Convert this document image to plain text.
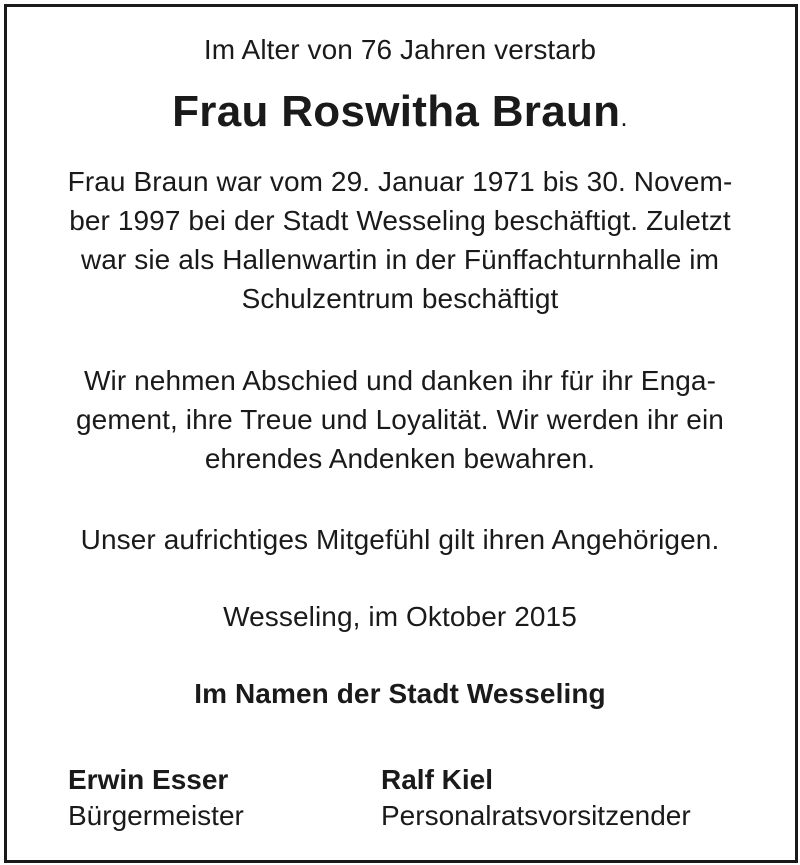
Im Alter von 76 Jahren verstarb
Frau Roswitha Braun.
Frau Braun war vom 29. Januar 1971 bis 30. Novem-
ber 1997 bei der Stadt Wesseling beschäftigt. Zuletzt
war sie als Hallenwartin in der Fünffachturnhalle im
Schulzentrum beschäftigt
Wir nehmen Abschied und danken ihr für ihr Enga-
gement, ihre Treue und Loyalität. Wir werden ihr ein
ehrendes Andenken bewahren.
Unser aufrichtiges Mitgefühl gilt ihren Angehörigen.
Wesseling, im Oktober 2015
Im Namen der Stadt Wesseling
Erwin Esser
Bürgermeister
Ralf Kiel
Personalratsvorsitzender
